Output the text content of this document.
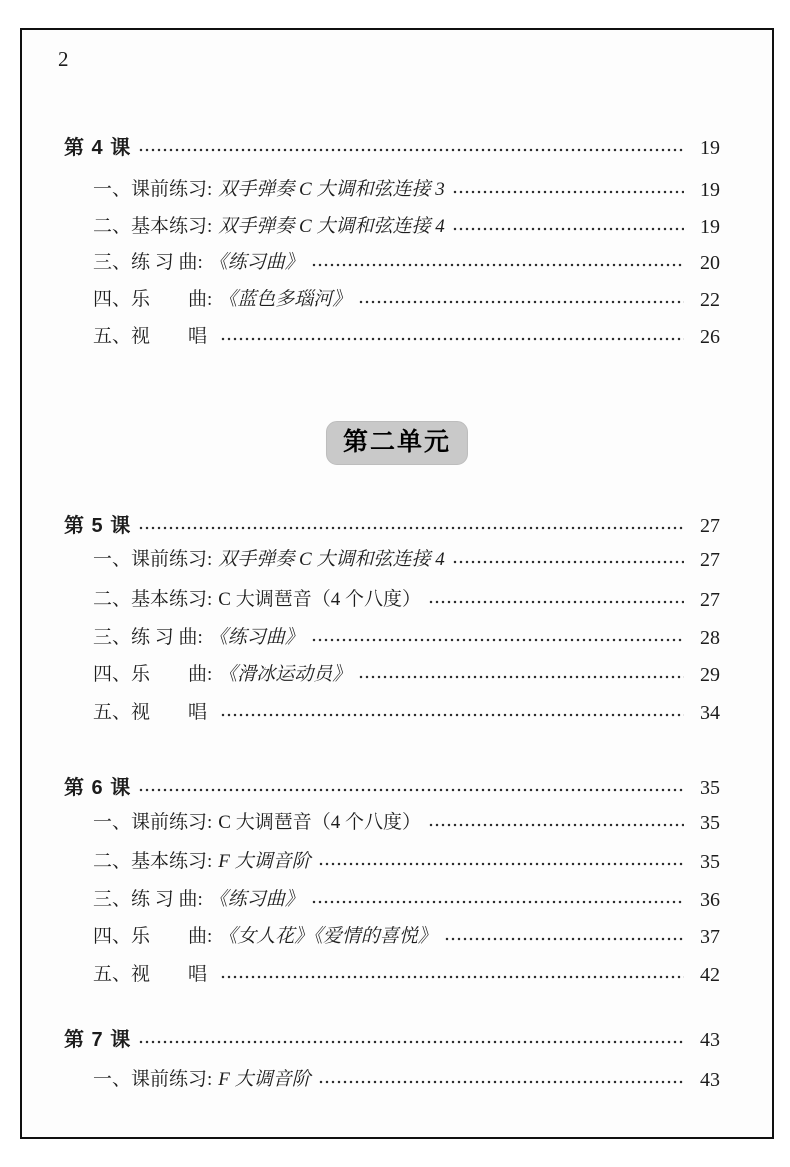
2
第 4 课	19
一、 课前练习: 双手弹奏 C 大调和弦连接 3	19
二、 基本练习: 双手弹奏 C 大调和弦连接 4	19
三、 练 习 曲: 《练习曲》	20
四、 乐　　曲: 《蓝色多瑙河》	22
五、 视　　唱	26
第二单元
第 5 课	27
一、 课前练习: 双手弹奏 C 大调和弦连接 4	27
二、 基本练习: C 大调琶音（4 个八度）	27
三、 练 习 曲: 《练习曲》	28
四、 乐　　曲: 《滑冰运动员》	29
五、 视　　唱	34
第 6 课	35
一、 课前练习: C 大调琶音（4 个八度）	35
二、 基本练习: F 大调音阶	35
三、 练 习 曲: 《练习曲》	36
四、 乐　　曲: 《女人花》《爱情的喜悦》	37
五、 视　　唱	42
第 7 课	43
一、 课前练习: F 大调音阶	43
